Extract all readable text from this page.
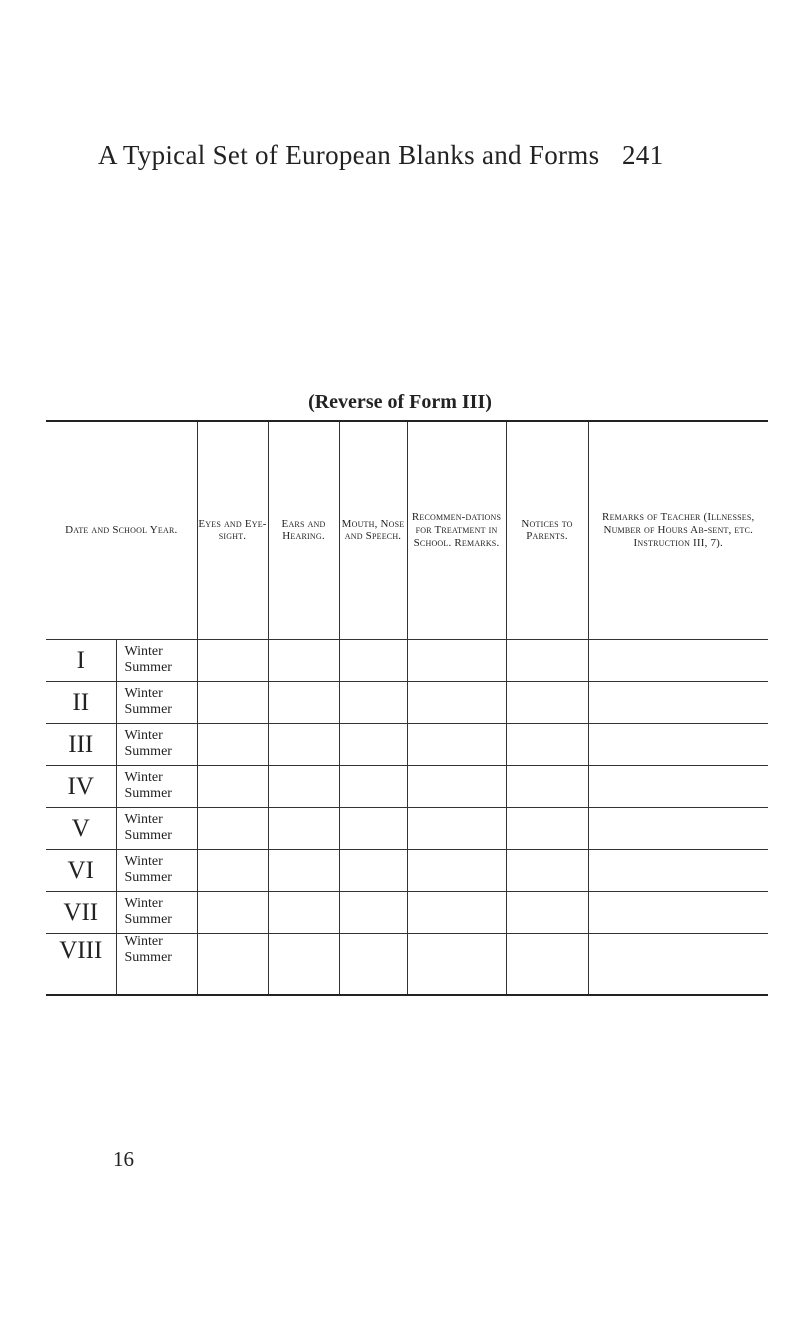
A Typical Set of European Blanks and Forms 241
(Reverse of Form III)
Date and School Year.		Eyes and Eye-sight.	Ears and Hearing.	Mouth, Nose and Speech.	Recommen-dations for Treatment in School. Remarks.	Notices to Parents.	Remarks of Teacher (Illnesses, Number of Hours Ab-sent, etc. Instruction III, 7).
I	Winter
Summer						

II	Winter
Summer						

III	Winter
Summer						

IV	Winter
Summer						

V	Winter
Summer						

VI	Winter
Summer						

VII	Winter
Summer						

VIII	Winter
Summer						

16
